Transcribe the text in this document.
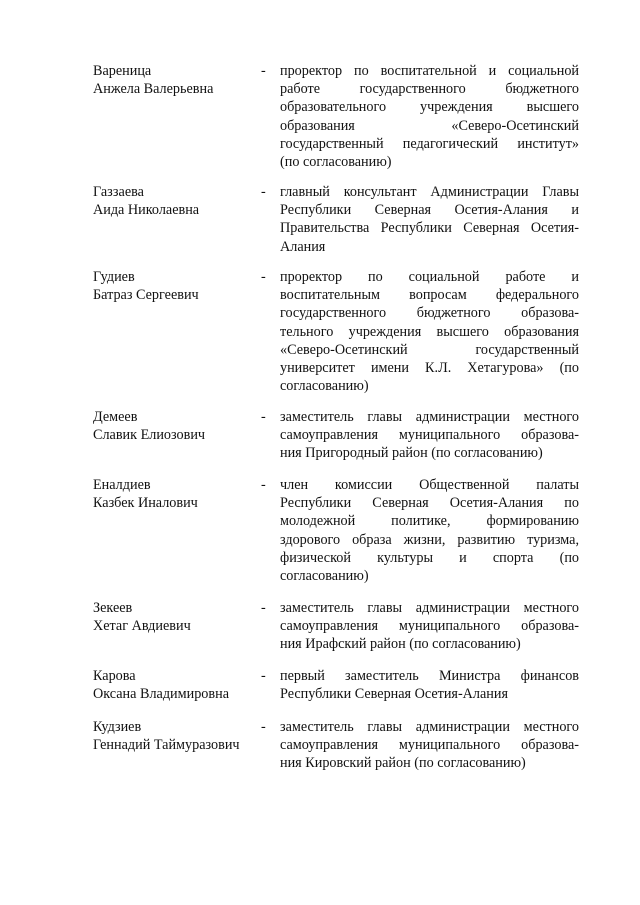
Вареница
Анжела Валерьевна
- проректор по воспитательной и социальной
работе государственного бюджетного
образовательного учреждения высшего
образования «Северо-Осетинский
государственный педагогический институт»
(по согласованию)
Газзаева
Аида Николаевна
- главный консультант Администрации Главы
Республики Северная Осетия-Алания и
Правительства Республики Северная Осетия-
Алания
Гудиев
Батраз Сергеевич
- проректор по социальной работе и
воспитательным вопросам федерального
государственного бюджетного образова-
тельного учреждения высшего образования
«Северо-Осетинский государственный
университет имени К.Л. Хетагурова» (по
согласованию)
Демеев
Славик Елиозович
- заместитель главы администрации местного
самоуправления муниципального образова-
ния Пригородный район (по согласованию)
Еналдиев
Казбек Иналович
- член комиссии Общественной палаты
Республики Северная Осетия-Алания по
молодежной политике, формированию
здорового образа жизни, развитию туризма,
физической культуры и спорта (по
согласованию)
Зекеев
Хетаг Авдиевич
- заместитель главы администрации местного
самоуправления муниципального образова-
ния Ирафский район (по согласованию)
Карова
Оксана Владимировна
- первый заместитель Министра финансов
Республики Северная Осетия-Алания
Кудзиев
Геннадий Таймуразович
- заместитель главы администрации местного
самоуправления муниципального образова-
ния Кировский район (по согласованию)
